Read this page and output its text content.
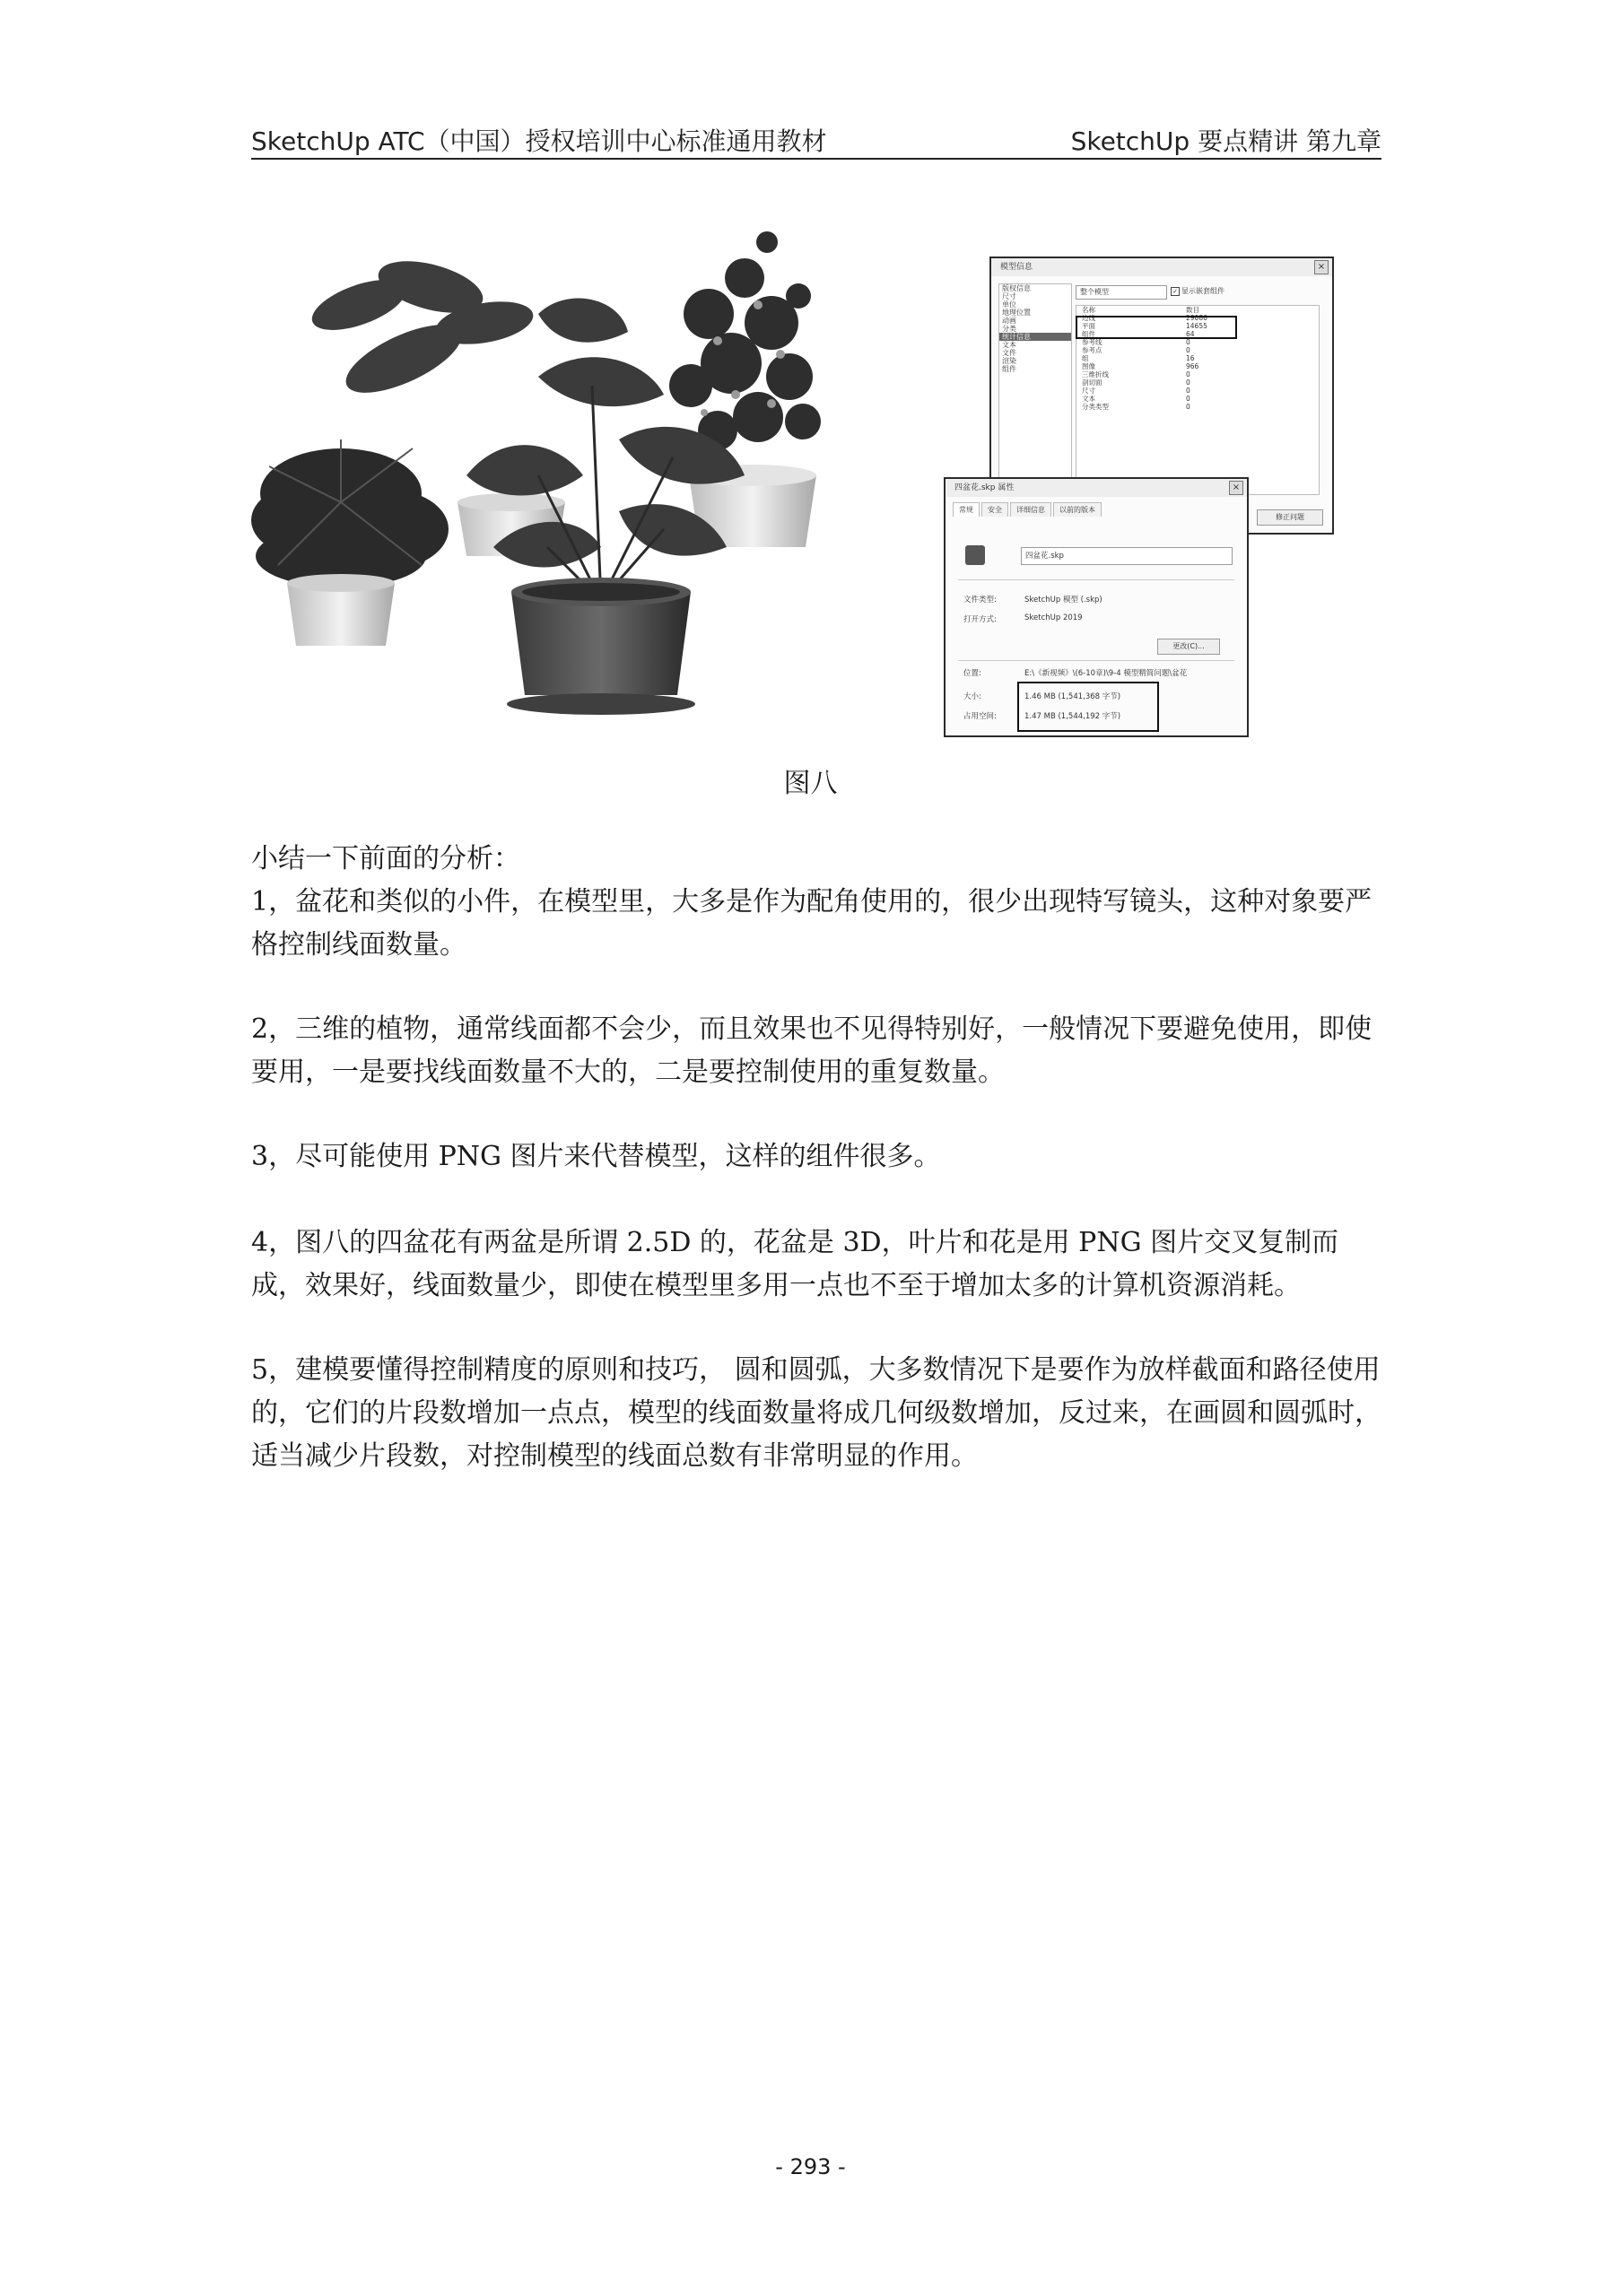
SketchUp ATC（中国）授权培训中心标准通用教材	SketchUp 要点精讲 第九章
模型信息	×
版权信息
尺寸
单位
地理位置
动画
分类
统计信息
文本
文件
渲染
组件
整个模型	✓ 显示嵌套组件
名称	数目
边线	29086
平面	14655
组件	64
参考线	0
参考点	0
组	16
图像	966
三维折线	0
剖切面	0
尺寸	0
文本	0
分类类型	0
修正问题
四盆花.skp 属性	×
常规 安全 详细信息 以前的版本
四盆花.skp
文件类型:	SketchUp 模型 (.skp)
打开方式:	SketchUp 2019
更改(C)...
位置:	E:\《新视频》\(6-10章)\9-4 模型精简问题\盆花
大小:	1.46 MB (1,541,368 字节)
占用空间:	1.47 MB (1,544,192 字节)
图八
小结一下前面的分析：
1，盆花和类似的小件，在模型里，大多是作为配角使用的，很少出现特写镜头，这种对象要严格控制线面数量。
2，三维的植物，通常线面都不会少，而且效果也不见得特别好，一般情况下要避免使用，即使要用，一是要找线面数量不大的，二是要控制使用的重复数量。
3，尽可能使用 PNG 图片来代替模型，这样的组件很多。
4，图八的四盆花有两盆是所谓 2.5D 的，花盆是 3D，叶片和花是用 PNG 图片交叉复制而成，效果好，线面数量少，即使在模型里多用一点也不至于增加太多的计算机资源消耗。
5，建模要懂得控制精度的原则和技巧， 圆和圆弧，大多数情况下是要作为放样截面和路径使用的，它们的片段数增加一点点，模型的线面数量将成几何级数增加，反过来，在画圆和圆弧时，适当减少片段数，对控制模型的线面总数有非常明显的作用。
- 293 -
